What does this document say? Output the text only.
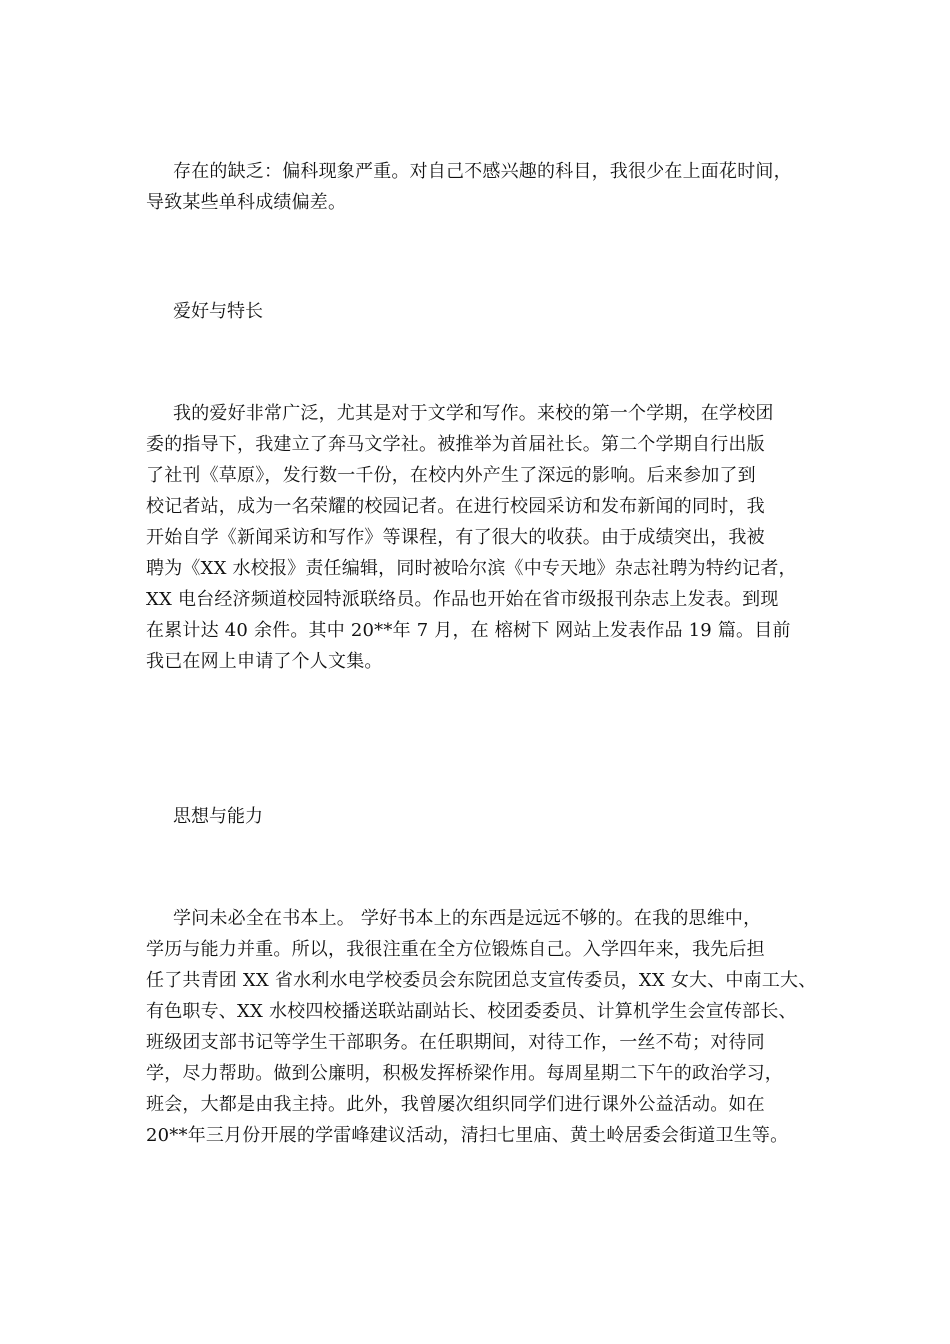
存在的缺乏：偏科现象严重。对自己不感兴趣的科目，我很少在上面花时间，
导致某些单科成绩偏差。
爱好与特长
我的爱好非常广泛，尤其是对于文学和写作。来校的第一个学期，在学校团
委的指导下，我建立了奔马文学社。被推举为首届社长。第二个学期自行出版
了社刊《草原》，发行数一千份，在校内外产生了深远的影响。后来参加了到
校记者站，成为一名荣耀的校园记者。在进行校园采访和发布新闻的同时，我
开始自学《新闻采访和写作》等课程，有了很大的收获。由于成绩突出，我被
聘为《XX 水校报》责任编辑，同时被哈尔滨《中专天地》杂志社聘为特约记者，
XX 电台经济频道校园特派联络员。作品也开始在省市级报刊杂志上发表。到现
在累计达 40 余件。其中 20**年 7 月，在 榕树下 网站上发表作品 19 篇。目前
我已在网上申请了个人文集。
思想与能力
学问未必全在书本上。 学好书本上的东西是远远不够的。在我的思维中，
学历与能力并重。所以，我很注重在全方位锻炼自己。入学四年来，我先后担
任了共青团 XX 省水利水电学校委员会东院团总支宣传委员，XX 女大、中南工大、
有色职专、XX 水校四校播送联站副站长、校团委委员、计算机学生会宣传部长、
班级团支部书记等学生干部职务。在任职期间，对待工作，一丝不苟；对待同
学，尽力帮助。做到公廉明，积极发挥桥梁作用。每周星期二下午的政治学习，
班会，大都是由我主持。此外，我曾屡次组织同学们进行课外公益活动。如在
20**年三月份开展的学雷峰建议活动，清扫七里庙、黄土岭居委会街道卫生等。
